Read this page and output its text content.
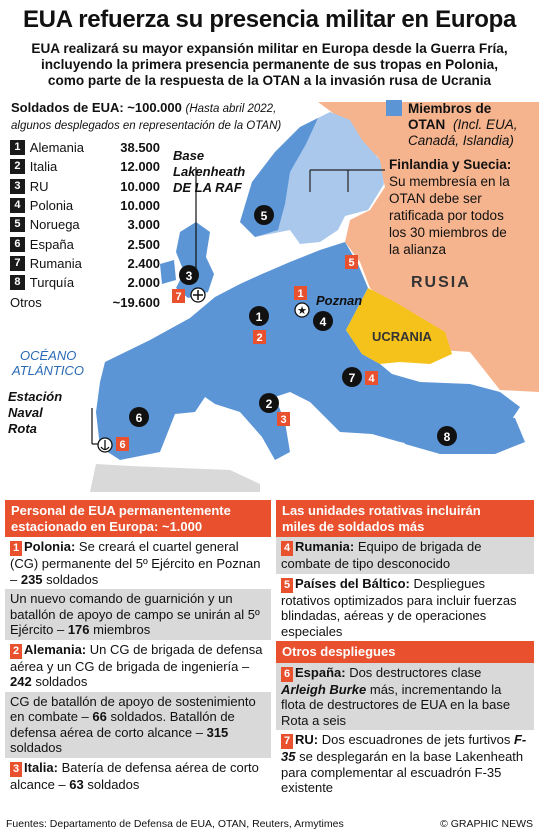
EUA refuerza su presencia militar en Europa
EUA realizará su mayor expansión militar en Europa desde la Guerra Fría,
incluyendo la primera presencia permanente de sus tropas en Polonia,
como parte de la respuesta de la OTAN a la invasión rusa de Ucrania
RUSIA
UCRANIA
OCÉANO
ATLÁNTICO
Estación
Naval
Rota
Base
Lakenheath
DE LA RAF
Poznan
Miembros de
OTAN (Incl. EUA,
Canadá, Islandia)
Finlandia y Suecia:
Su membresía en la
OTAN debe ser
ratificada por todos
los 30 miembros de
la alianza
1
2
3
4
5
6
7
8
1
2
3
4
5
6
7
★
Soldados de EUA: ~100.000 (Hasta abril 2022,
algunos desplegados en representación de la OTAN)
1 Alemania	38.500
2 Italia	12.000
3 RU	10.000
4 Polonia	10.000
5 Noruega	3.000
6 España	2.500
7 Rumania	2.400
8 Turquía	2.000
Otros	~19.600
Personal de EUA permanentemente
estacionado en Europa: ~1.000
1 Polonia: Se creará el cuartel general (CG) permanente del 5º Ejército en Poznan – 235 soldados
Un nuevo comando de guarnición y un batallón de apoyo de campo se unirán al 5º Ejército – 176 miembros
2 Alemania: Un CG de brigada de defensa aérea y un CG de brigada de ingeniería – 242 soldados
CG de batallón de apoyo de sostenimiento en combate – 66 soldados. Batallón de defensa aérea de corto alcance – 315 soldados
3 Italia: Batería de defensa aérea de corto alcance – 63 soldados
Las unidades rotativas incluirán
miles de soldados más
4 Rumania: Equipo de brigada de combate de tipo desconocido
5 Países del Báltico: Despliegues rotativos optimizados para incluir fuerzas blindadas, aéreas y de operaciones especiales
Otros despliegues
6 España: Dos destructores clase Arleigh Burke más, incrementando la flota de destructores de EUA en la base Rota a seis
7 RU: Dos escuadrones de jets furtivos F-35 se desplegarán en la base Lakenheath para complementar al escuadrón F-35 existente
Fuentes: Departamento de Defensa de EUA, OTAN, Reuters, Armytimes	© GRAPHIC NEWS
